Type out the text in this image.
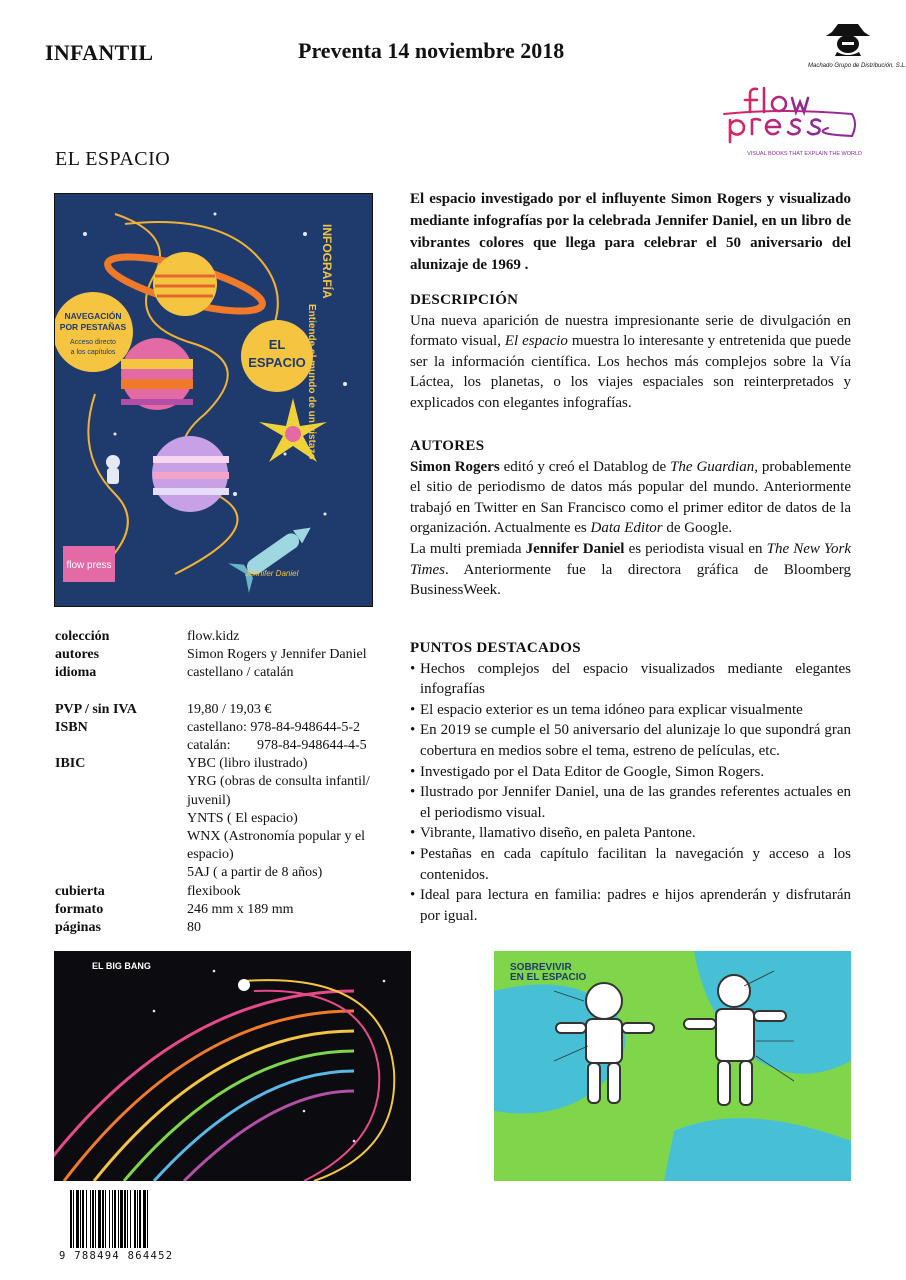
INFANTIL	Preventa 14 noviembre 2018
Machado Grupo de Distribución, S.L.
VISUAL BOOKS THAT EXPLAIN THE WORLD
EL ESPACIO
EL
ESPACIO
NAVEGACIÓN
POR PESTAÑAS
Acceso directo
a los capítulos
INFOGRAFÍA
Entiende el mundo de un vistazo
flow press
Jennifer Daniel
colección	flow.kidz
autores	Simon Rogers y Jennifer Daniel
idioma	castellano / catalán
PVP / sin IVA	19,80 / 19,03 €
ISBN	castellano: 978-84-948644-5-2
catalán: 978-84-948644-4-5
IBIC	YBC (libro ilustrado)
YRG (obras de consulta infantil/ juvenil)
YNTS ( El espacio)
WNX (Astronomía popular y el espacio)
5AJ ( a partir de 8 años)
cubierta	flexibook
formato	246 mm x 189 mm
páginas	80
El espacio investigado por el influyente Simon Rogers y visualizado mediante infografías por la celebrada Jennifer Daniel, en un libro de vibrantes colores que llega para celebrar el 50 aniversario del alunizaje de 1969 .
DESCRIPCIÓN

Una nueva aparición de nuestra impresionante serie de divulgación en formato visual, El espacio muestra lo interesante y entretenida que puede ser la información científica. Los hechos más complejos sobre la Vía Láctea, los planetas, o los viajes espaciales son reinterpretados y explicados con elegantes infografías.

AUTORES

Simon Rogers editó y creó el Datablog de The Guardian, probablemente el sitio de periodismo de datos más popular del mundo. Anteriormente trabajó en Twitter en San Francisco como el primer editor de datos de la organización. Actualmente es Data Editor de Google.

La multi premiada Jennifer Daniel es periodista visual en The New York Times. Anteriormente fue la directora gráfica de Bloomberg BusinessWeek.

PUNTOS DESTACADOS
• Hechos complejos del espacio visualizados mediante elegantes infografías
• El espacio exterior es un tema idóneo para explicar visualmente
• En 2019 se cumple el 50 aniversario del alunizaje lo que supondrá gran cobertura en medios sobre el tema, estreno de películas, etc.
• Investigado por el Data Editor de Google, Simon Rogers.
• Ilustrado por Jennifer Daniel, una de las grandes referentes actuales en el periodismo visual.
• Vibrante, llamativo diseño, en paleta Pantone.
• Pestañas en cada capítulo facilitan la navegación y acceso a los contenidos.
• Ideal para lectura en familia: padres e hijos aprenderán y disfrutarán por igual.
EL BIG BANG	SOBREVIVIR
EN EL ESPACIO
9 788494 864452
